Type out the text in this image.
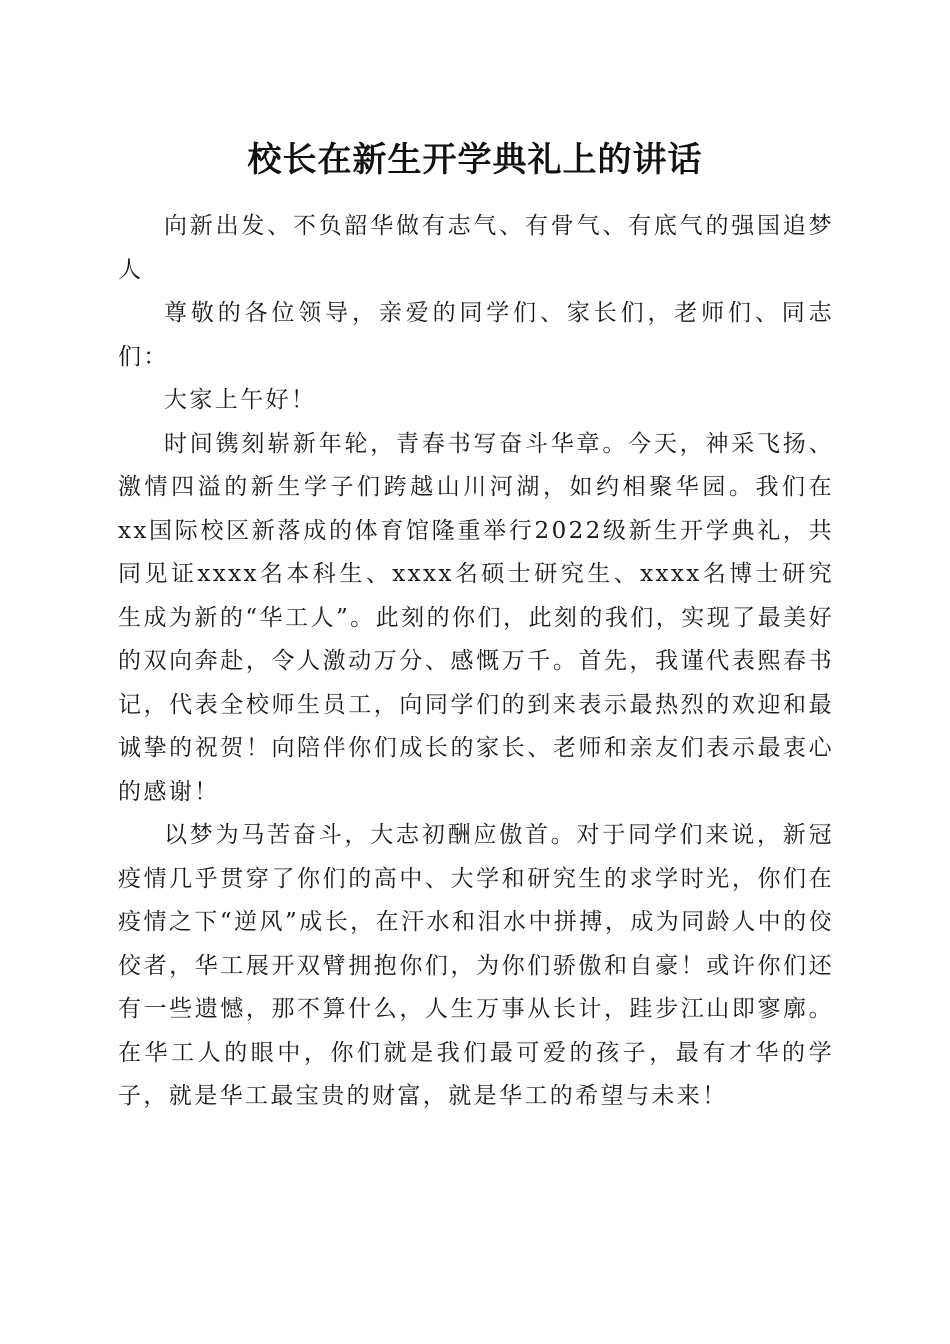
校长在新生开学典礼上的讲话

向新出发、不负韶华做有志气、有骨气、有底气的强国追梦人

尊敬的各位领导，亲爱的同学们、家长们，老师们、同志们：

大家上午好！

时间镌刻崭新年轮，青春书写奋斗华章。今天，神采飞扬、激情四溢的新生学子们跨越山川河湖，如约相聚华园。我们在xx国际校区新落成的体育馆隆重举行2022级新生开学典礼，共同见证xxxx名本科生、xxxx名硕士研究生、xxxx名博士研究生成为新的“华工人”。此刻的你们，此刻的我们，实现了最美好的双向奔赴，令人激动万分、感慨万千。首先，我谨代表熙春书记，代表全校师生员工，向同学们的到来表示最热烈的欢迎和最诚挚的祝贺！向陪伴你们成长的家长、老师和亲友们表示最衷心的感谢！

以梦为马苦奋斗，大志初酬应傲首。对于同学们来说，新冠疫情几乎贯穿了你们的高中、大学和研究生的求学时光，你们在疫情之下“逆风”成长，在汗水和泪水中拼搏，成为同龄人中的佼佼者，华工展开双臂拥抱你们，为你们骄傲和自豪！或许你们还有一些遗憾，那不算什么，人生万事从长计，跬步江山即寥廓。在华工人的眼中，你们就是我们最可爱的孩子，最有才华的学子，就是华工最宝贵的财富，就是华工的希望与未来！
